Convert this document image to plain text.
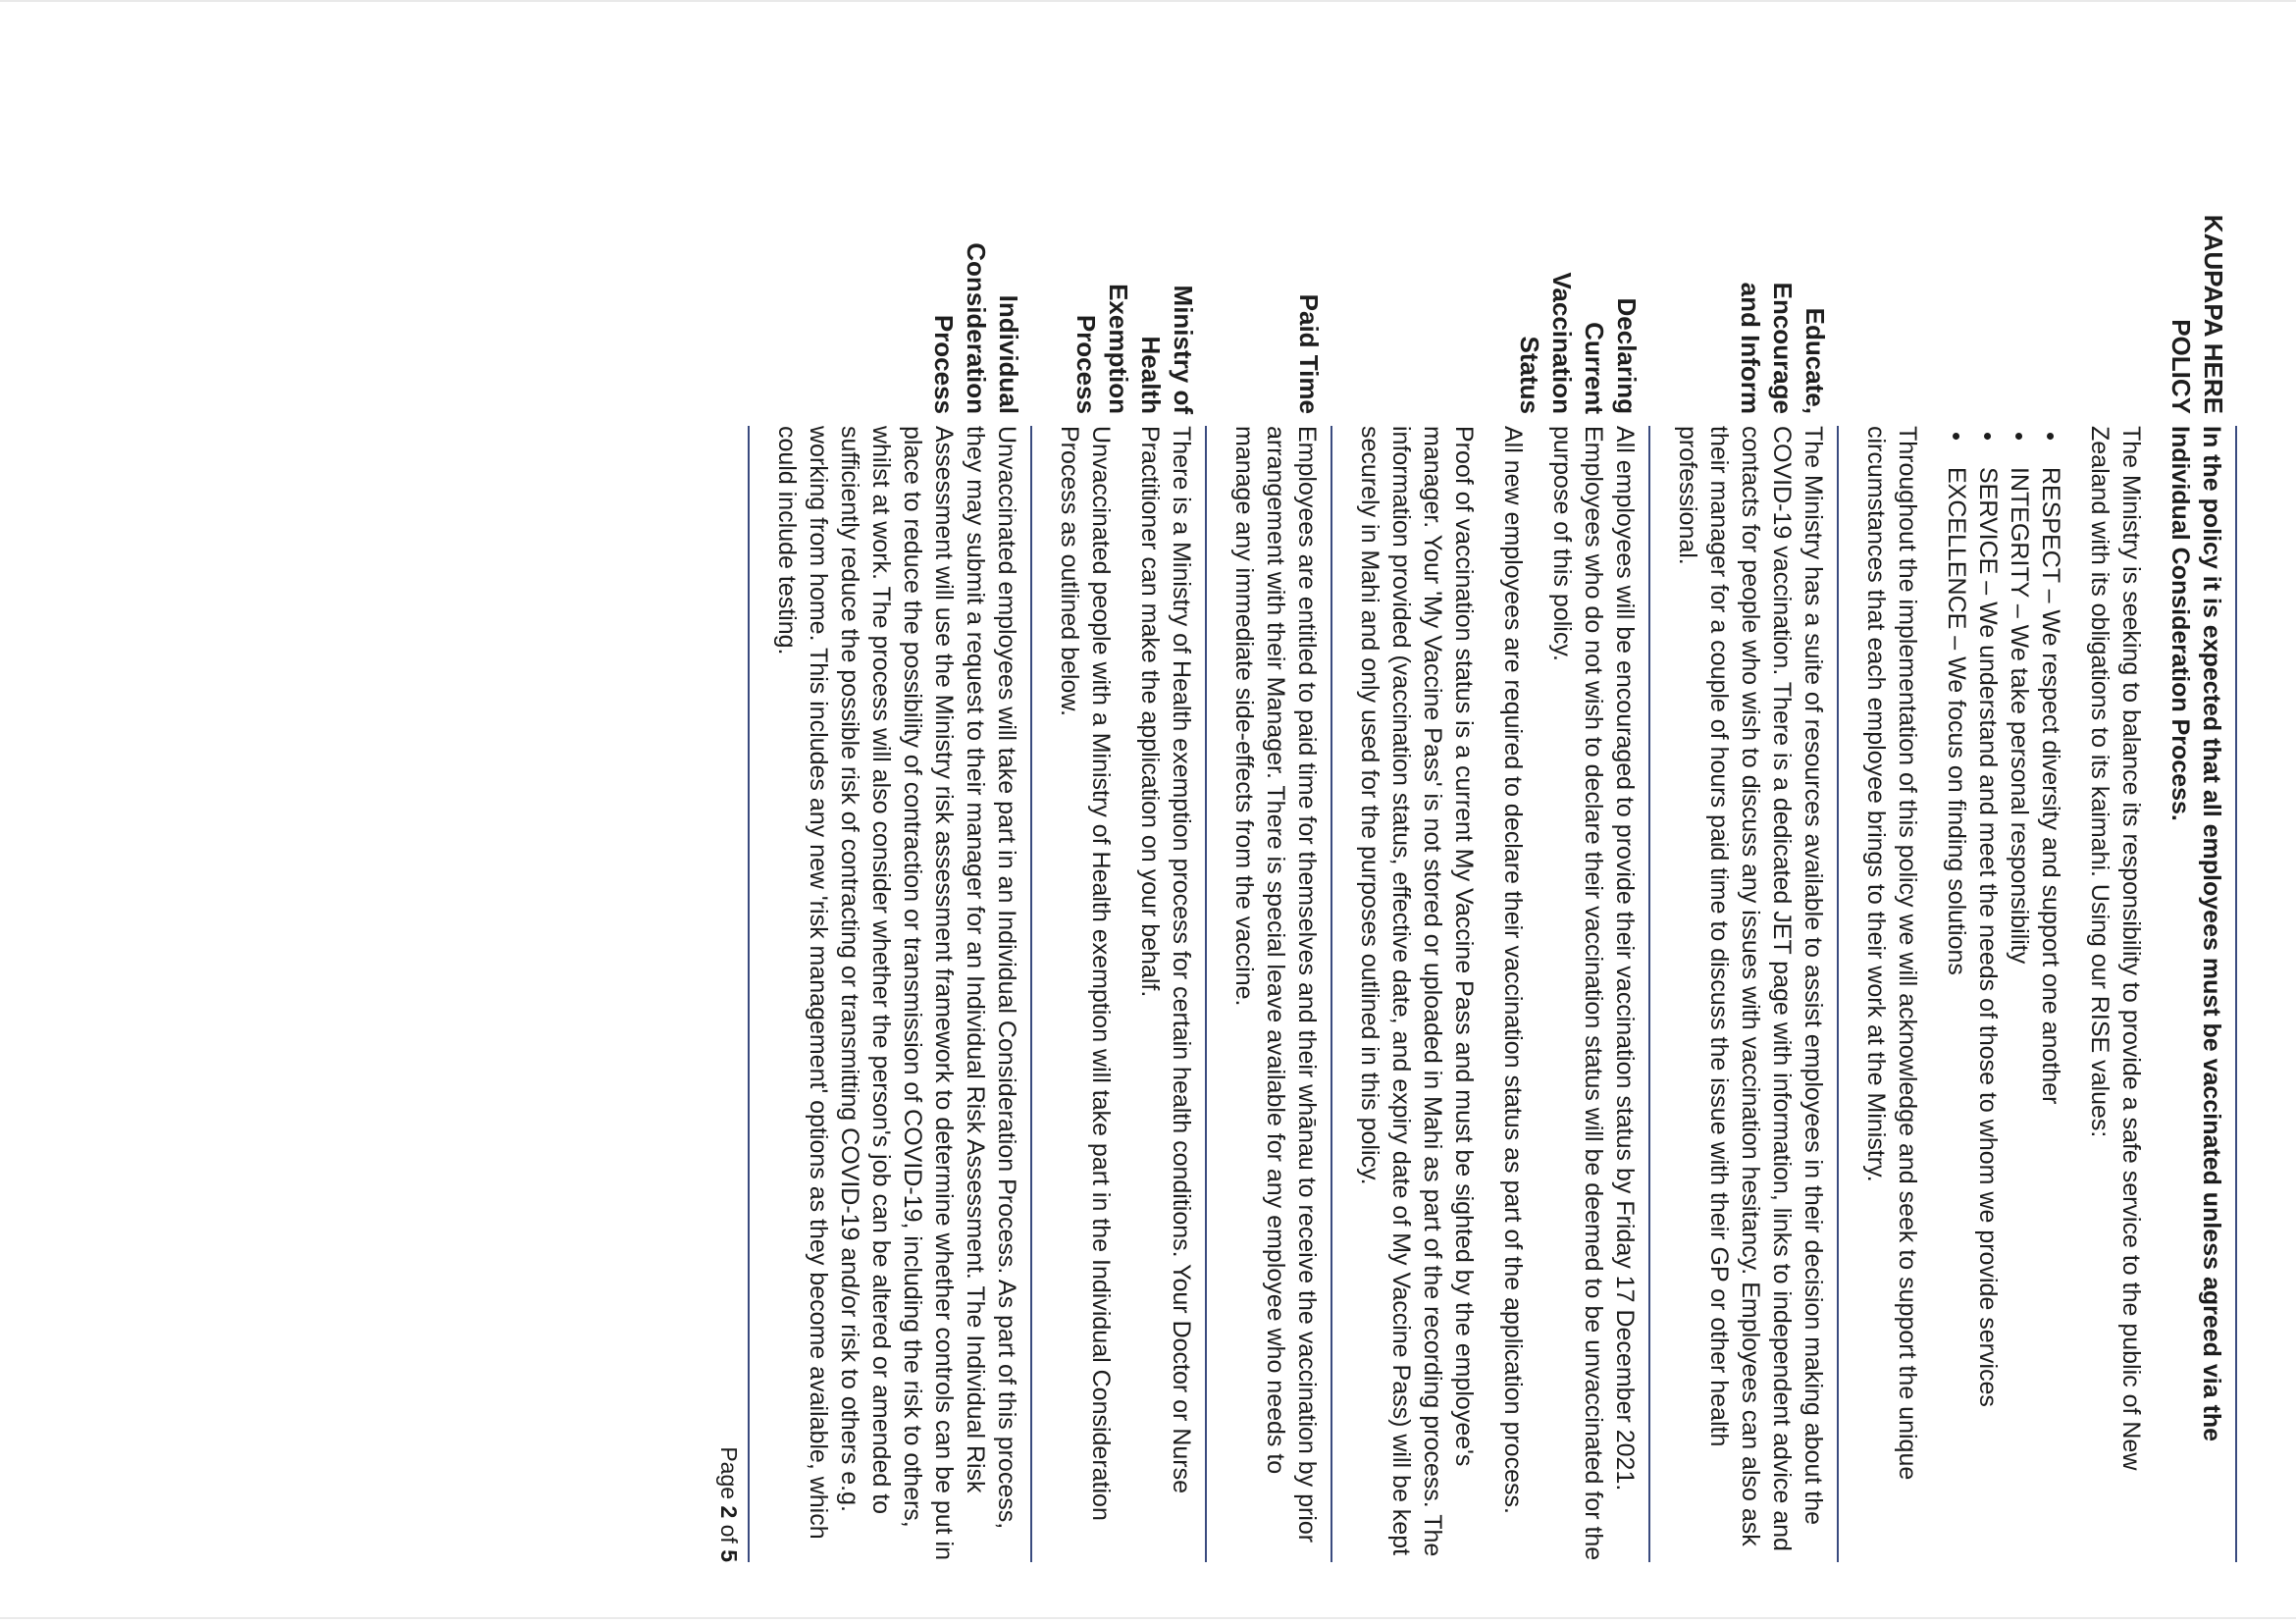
KAUPAPA HERE
POLICY

In the policy it is expected that all employees must be vaccinated unless agreed via the Individual Consideration Process.

The Ministry is seeking to balance its responsibility to provide a safe service to the public of New Zealand with its obligations to its kaimahi. Using our RISE values:

• RESPECT – We respect diversity and support one another
• INTEGRITY – We take personal responsibility
• SERVICE – We understand and meet the needs of those to whom we provide services
• EXCELLENCE – We focus on finding solutions

Throughout the implementation of this policy we will acknowledge and seek to support the unique circumstances that each employee brings to their work at the Ministry.

Educate, Encourage
and Inform

The Ministry has a suite of resources available to assist employees in their decision making about the COVID-19 vaccination. There is a dedicated JET page with information, links to independent advice and contacts for people who wish to discuss any issues with vaccination hesitancy. Employees can also ask their manager for a couple of hours paid time to discuss the issue with their GP or other health professional.

Declaring Current
Vaccination Status

All employees will be encouraged to provide their vaccination status by Friday 17 December 2021. Employees who do not wish to declare their vaccination status will be deemed to be unvaccinated for the purpose of this policy.

All new employees are required to declare their vaccination status as part of the application process.

Proof of vaccination status is a current My Vaccine Pass and must be sighted by the employee's manager. Your 'My Vaccine Pass' is not stored or uploaded in Mahi as part of the recording process. The information provided (vaccination status, effective date, and expiry date of My Vaccine Pass) will be kept securely in Mahi and only used for the purposes outlined in this policy.

Paid Time

Employees are entitled to paid time for themselves and their whānau to receive the vaccination by prior arrangement with their Manager. There is special leave available for any employee who needs to manage any immediate side-effects from the vaccine.

Ministry of Health
Exemption Process

There is a Ministry of Health exemption process for certain health conditions. Your Doctor or Nurse Practitioner can make the application on your behalf.

Unvaccinated people with a Ministry of Health exemption will take part in the Individual Consideration Process as outlined below.

Individual
Consideration
Process

Unvaccinated employees will take part in an Individual Consideration Process. As part of this process, they may submit a request to their manager for an Individual Risk Assessment. The Individual Risk Assessment will use the Ministry risk assessment framework to determine whether controls can be put in place to reduce the possibility of contraction or transmission of COVID-19, including the risk to others, whilst at work. The process will also consider whether the person's job can be altered or amended to sufficiently reduce the possible risk of contracting or transmitting COVID-19 and/or risk to others e.g. working from home. This includes any new 'risk management' options as they become available, which could include testing.

Page 2 of 5
